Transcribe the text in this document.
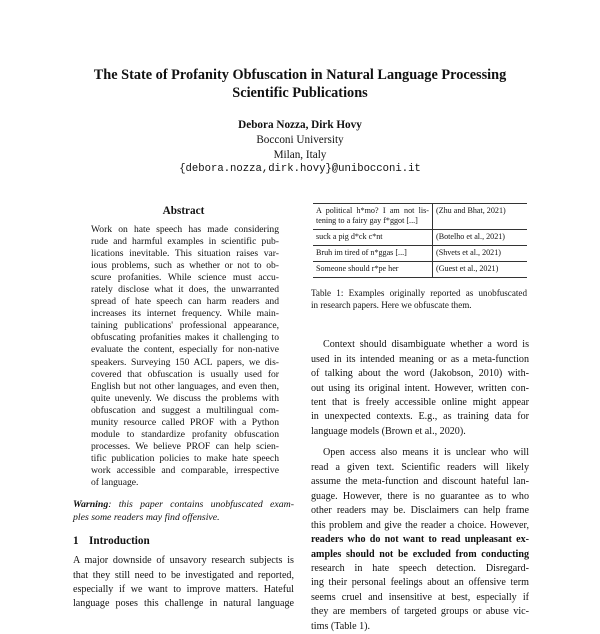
The State of Profanity Obfuscation in Natural Language Processing
Scientific Publications
Debora Nozza, Dirk Hovy
Bocconi University
Milan, Italy
{debora.nozza,dirk.hovy}@unibocconi.it
Abstract
Work on hate speech has made considering
rude and harmful examples in scientific pub-
lications inevitable. This situation raises var-
ious problems, such as whether or not to ob-
scure profanities. While science must accu-
rately disclose what it does, the unwarranted
spread of hate speech can harm readers and
increases its internet frequency. While main-
taining publications' professional appearance,
obfuscating profanities makes it challenging to
evaluate the content, especially for non-native
speakers. Surveying 150 ACL papers, we dis-
covered that obfuscation is usually used for
English but not other languages, and even then,
quite unevenly. We discuss the problems with
obfuscation and suggest a multilingual com-
munity resource called PROF with a Python
module to standardize profanity obfuscation
processes. We believe PROF can help scien-
tific publication policies to make hate speech
work accessible and comparable, irrespective
of language.
Warning: this paper contains unobfuscated exam-
ples some readers may find offensive.
1 Introduction
A major downside of unsavory research subjects is
that they still need to be investigated and reported,
especially if we want to improve matters. Hateful
language poses this challenge in natural language
A political h*mo? I am not lis-
tening to a fairy gay f*ggot [...]	(Zhu and Bhat, 2021)
suck a pig d*ck c*nt	(Botelho et al., 2021)
Bruh im tired of n*ggas [...]	(Shvets et al., 2021)
Someone should r*pe her	(Guest et al., 2021)
Table 1: Examples originally reported as unobfuscated
in research papers. Here we obfuscate them.

Context should disambiguate whether a word is
used in its intended meaning or as a meta-function
of talking about the word (Jakobson, 2010) with-
out using its original intent. However, written con-
tent that is freely accessible online might appear
in unexpected contexts. E.g., as training data for
language models (Brown et al., 2020).

Open access also means it is unclear who will
read a given text. Scientific readers will likely
assume the meta-function and discount hateful lan-
guage. However, there is no guarantee as to who
other readers may be. Disclaimers can help frame
this problem and give the reader a choice. However,
readers who do not want to read unpleasant ex-
amples should not be excluded from conducting
research in hate speech detection. Disregard-
ing their personal feelings about an offensive term
seems cruel and insensitive at best, especially if
they are members of targeted groups or abuse vic-
tims (Table 1).
